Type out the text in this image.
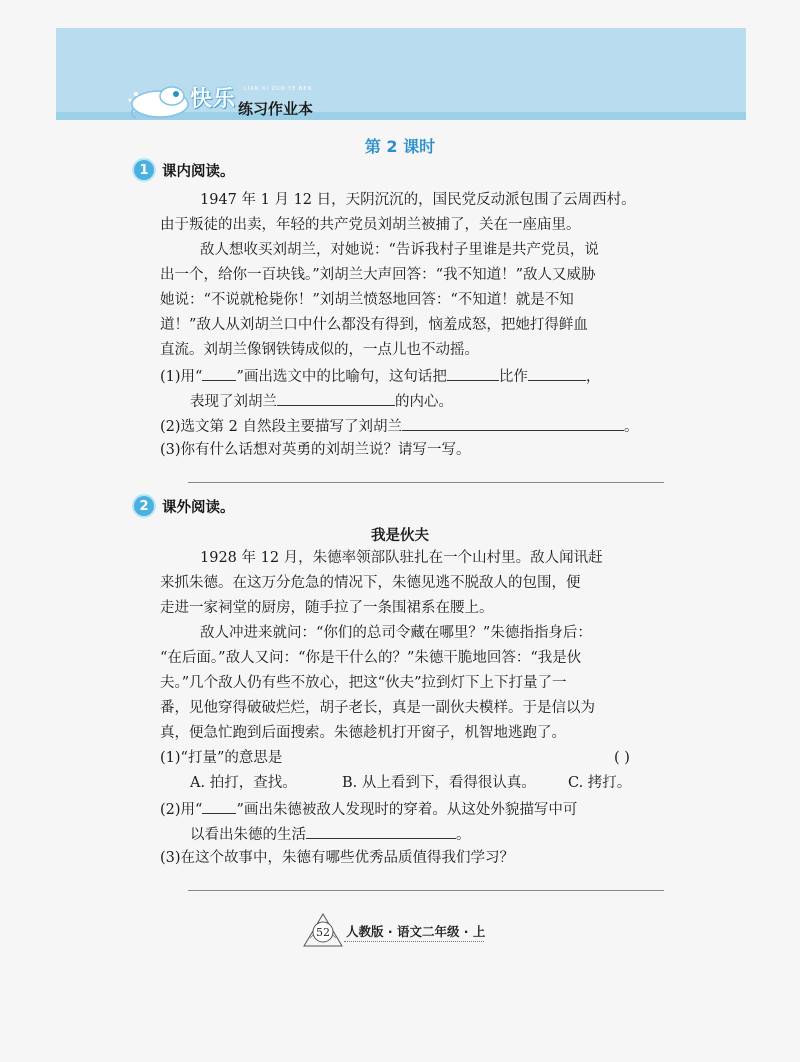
快乐 LIAN XI ZUO YE BEN
练习作业本
第 2 课时
1 课内阅读。
1947 年 1 月 12 日，天阴沉沉的，国民党反动派包围了云周西村。
由于叛徒的出卖，年轻的共产党员刘胡兰被捕了，关在一座庙里。
敌人想收买刘胡兰，对她说：“告诉我村子里谁是共产党员，说
出一个，给你一百块钱。”刘胡兰大声回答：“我不知道！”敌人又威胁
她说：“不说就枪毙你！”刘胡兰愤怒地回答：“不知道！就是不知
道！”敌人从刘胡兰口中什么都没有得到，恼羞成怒，把她打得鲜血
直流。刘胡兰像钢铁铸成似的，一点儿也不动摇。
(1)用“ ”画出选文中的比喻句，这句话把	比作	，
表现了刘胡兰	的内心。
(2)选文第 2 自然段主要描写了刘胡兰	。
(3)你有什么话想对英勇的刘胡兰说？请写一写。
2 课外阅读。
我是伙夫
1928 年 12 月，朱德率领部队驻扎在一个山村里。敌人闻讯赶
来抓朱德。在这万分危急的情况下，朱德见逃不脱敌人的包围，便
走进一家祠堂的厨房，随手拉了一条围裙系在腰上。
敌人冲进来就问：“你们的总司令藏在哪里？”朱德指指身后：
“在后面。”敌人又问：“你是干什么的？”朱德干脆地回答：“我是伙
夫。”几个敌人仍有些不放心，把这“伙夫”拉到灯下上下打量了一
番，见他穿得破破烂烂，胡子老长，真是一副伙夫模样。于是信以为
真，便急忙跑到后面搜索。朱德趁机打开窗子，机智地逃跑了。
(1)“打量”的意思是	( )
A. 拍打，查找。	B. 从上看到下，看得很认真。 C. 拷打。
(2)用“ ”画出朱德被敌人发现时的穿着。从这处外貌描写中可
以看出朱德的生活	。
(3)在这个故事中，朱德有哪些优秀品质值得我们学习？
52 人教版 · 语文二年级 · 上
